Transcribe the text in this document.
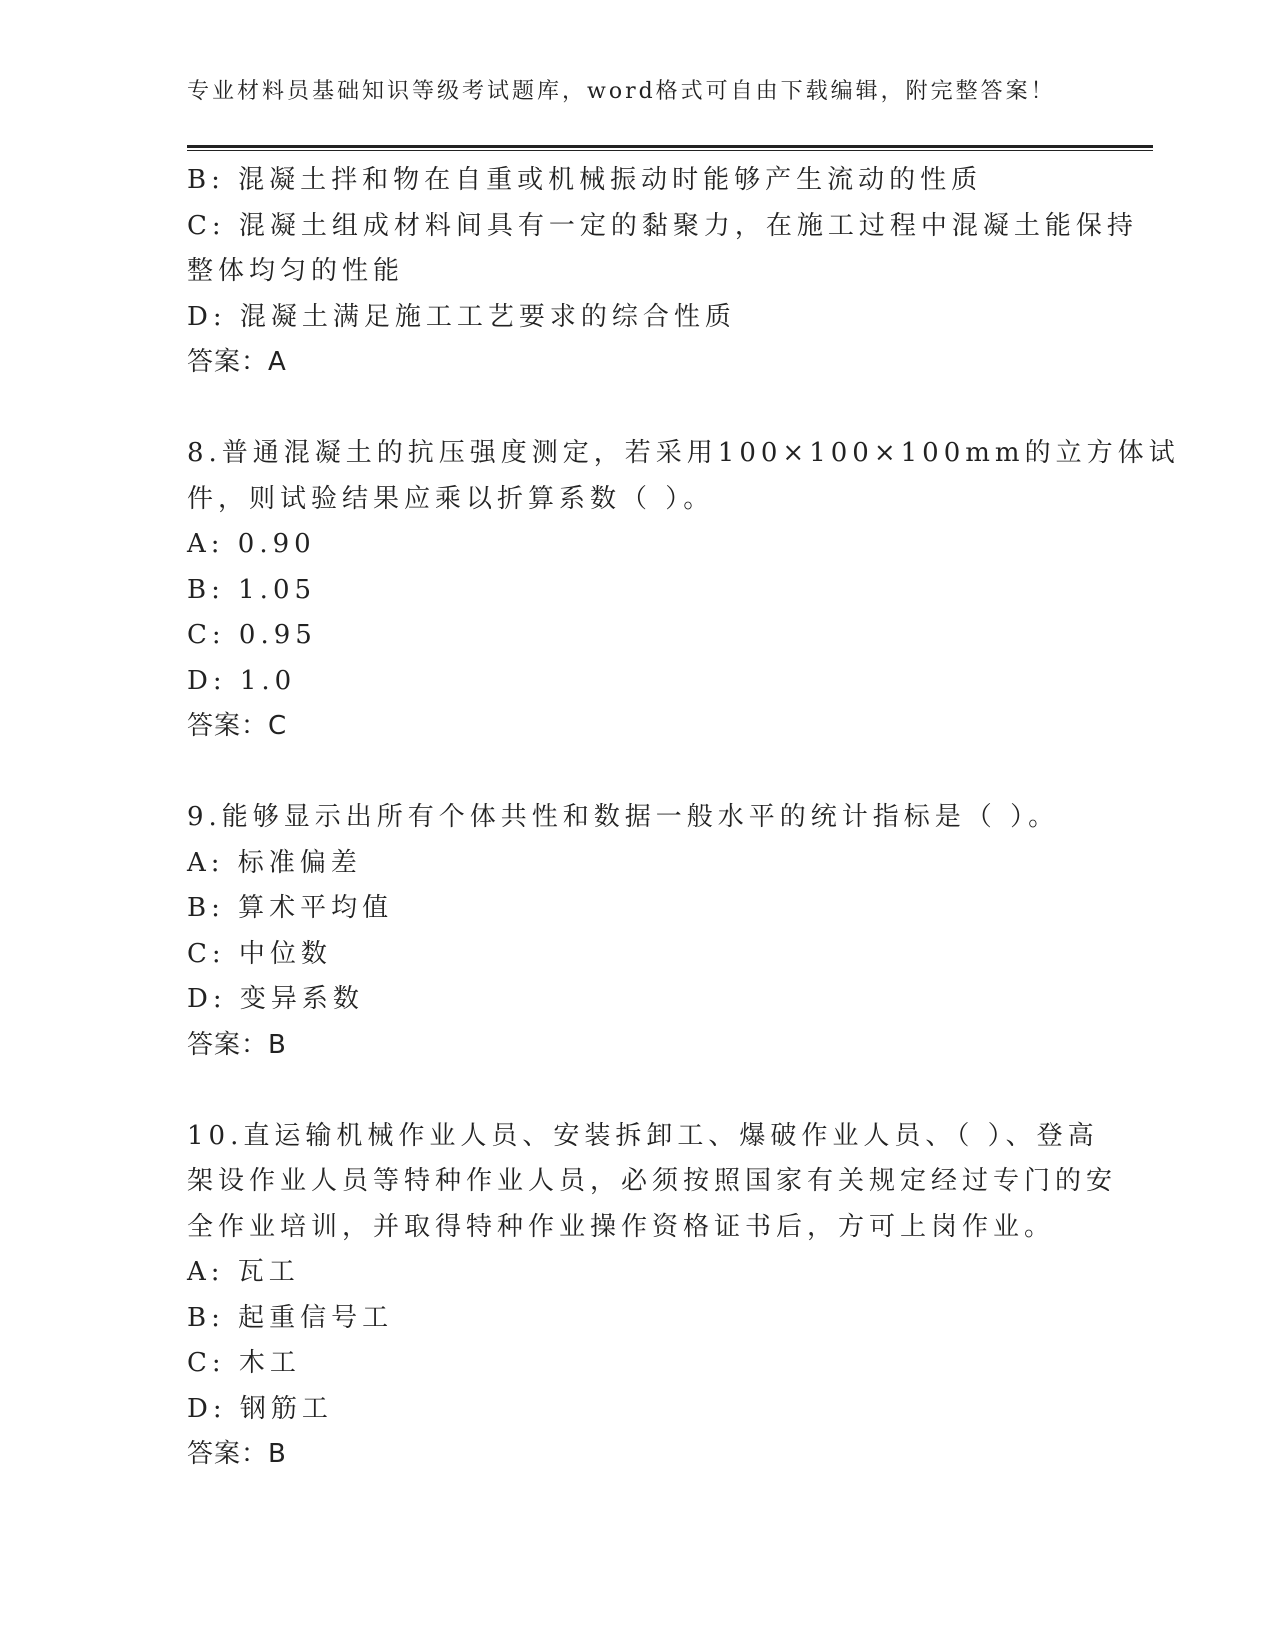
专业材料员基础知识等级考试题库，word格式可自由下载编辑，附完整答案！
B: 混凝土拌和物在自重或机械振动时能够产生流动的性质
C: 混凝土组成材料间具有一定的黏聚力，在施工过程中混凝土能保持
整体均匀的性能
D: 混凝土满足施工工艺要求的综合性质
答案：A
8.普通混凝土的抗压强度测定，若采用100×100×100mm的立方体试
件，则试验结果应乘以折算系数（ ）。
A: 0.90
B: 1.05
C: 0.95
D: 1.0
答案：C
9.能够显示出所有个体共性和数据一般水平的统计指标是（ ）。
A: 标准偏差
B: 算术平均值
C: 中位数
D: 变异系数
答案：B
10.直运输机械作业人员、安装拆卸工、爆破作业人员、（ ）、登高
架设作业人员等特种作业人员，必须按照国家有关规定经过专门的安
全作业培训，并取得特种作业操作资格证书后，方可上岗作业。
A: 瓦工
B: 起重信号工
C: 木工
D: 钢筋工
答案：B
